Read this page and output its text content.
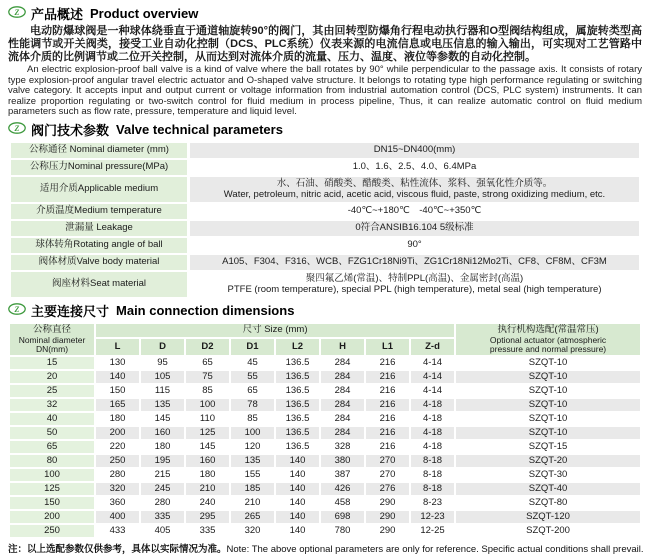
Z 产品概述 Product overview

电动防爆球阀是一种球体绕垂直于通道轴旋转90°的阀门，其由回转型防爆角行程电动执行器和O型阀结构组成，属旋转类型高性能调节或开关阀类，接受工业自动化控制（DCS、PLC系统）仪表来源的电流信息或电压信息的输入输出，可实现对工艺管路中流体介质的比例调节或二位开关控制，从而达到对流体介质的流量、压力、温度、液位等参数的自动化控制。

An electric explosion-proof ball valve is a kind of valve where the ball rotates by 90° while perpendicular to the passage axis. It consists of rotary type explosion-proof angular travel electric actuator and O-shaped valve structure. It belongs to rotating type high performance regulating or switching valve category. It accepts input and output current or voltage information from industrial automation control (DCS, PLC system) instruments. It can realize proportion regulating or two-switch control for fluid medium in process pipeline, Thus, it can realize automatic control on fluid medium parameters such as flow rate, pressure, temperature and liquid level.

Z 阀门技术参数 Valve technical parameters
公称通径 Nominal diameter (mm)	DN15~DN400(mm)

公称压力Nominal pressure(MPa)	1.0、1.6、2.5、4.0、6.4MPa

适用介质Applicable medium	水、石油、硝酸类、醋酸类、粘性流体、浆料、强氧化性介质等。
Water, petroleum, nitric acid, acetic acid, viscous fluid, paste, strong oxidizing medium, etc.

介质温度Medium temperature	-40℃~+180℃　-40℃~+350℃

泄漏量 Leakage	0符合ANSIB16.104 5级标准

球体转角Rotating angle of ball	90°

阀体材质Valve body material	A105、F304、F316、WCB、FZG1Cr18Ni9Ti、ZG1Cr18Ni12Mo2Ti、CF8、CF8M、CF3M

阀座材料Seat material	聚四氟乙烯(常温)、特制PPL(高温)、金属密封(高温)
PTFE (room temperature), special PPL (high temperature), metal seal (high temperature)
Z 主要连接尺寸 Main connection dimensions
公称直径
Nominal diameter
DN(mm)
	尺寸 Size (mm)	执行机构选配(常温常压)
Optional actuator (atmospheric
pressure and normal pressure)

	L	D	D2	D1	L2	H	L1	Z-d	
15	130	95	65	45	136.5	284	216	4-14	SZQT-10
20	140	105	75	55	136.5	284	216	4-14	SZQT-10
25	150	115	85	65	136.5	284	216	4-14	SZQT-10
32	165	135	100	78	136.5	284	216	4-18	SZQT-10
40	180	145	110	85	136.5	284	216	4-18	SZQT-10
50	200	160	125	100	136.5	284	216	4-18	SZQT-10
65	220	180	145	120	136.5	328	216	4-18	SZQT-15
80	250	195	160	135	140	380	270	8-18	SZQT-20
100	280	215	180	155	140	387	270	8-18	SZQT-30
125	320	245	210	185	140	426	276	8-18	SZQT-40
150	360	280	240	210	140	458	290	8-23	SZQT-80
200	400	335	295	265	140	698	290	12-23	SZQT-120
250	433	405	335	320	140	780	290	12-25	SZQT-200

注：以上选配参数仅供参考，具体以实际情况为准。Note: The above optional parameters are only for reference. Specific actual conditions shall prevail.
